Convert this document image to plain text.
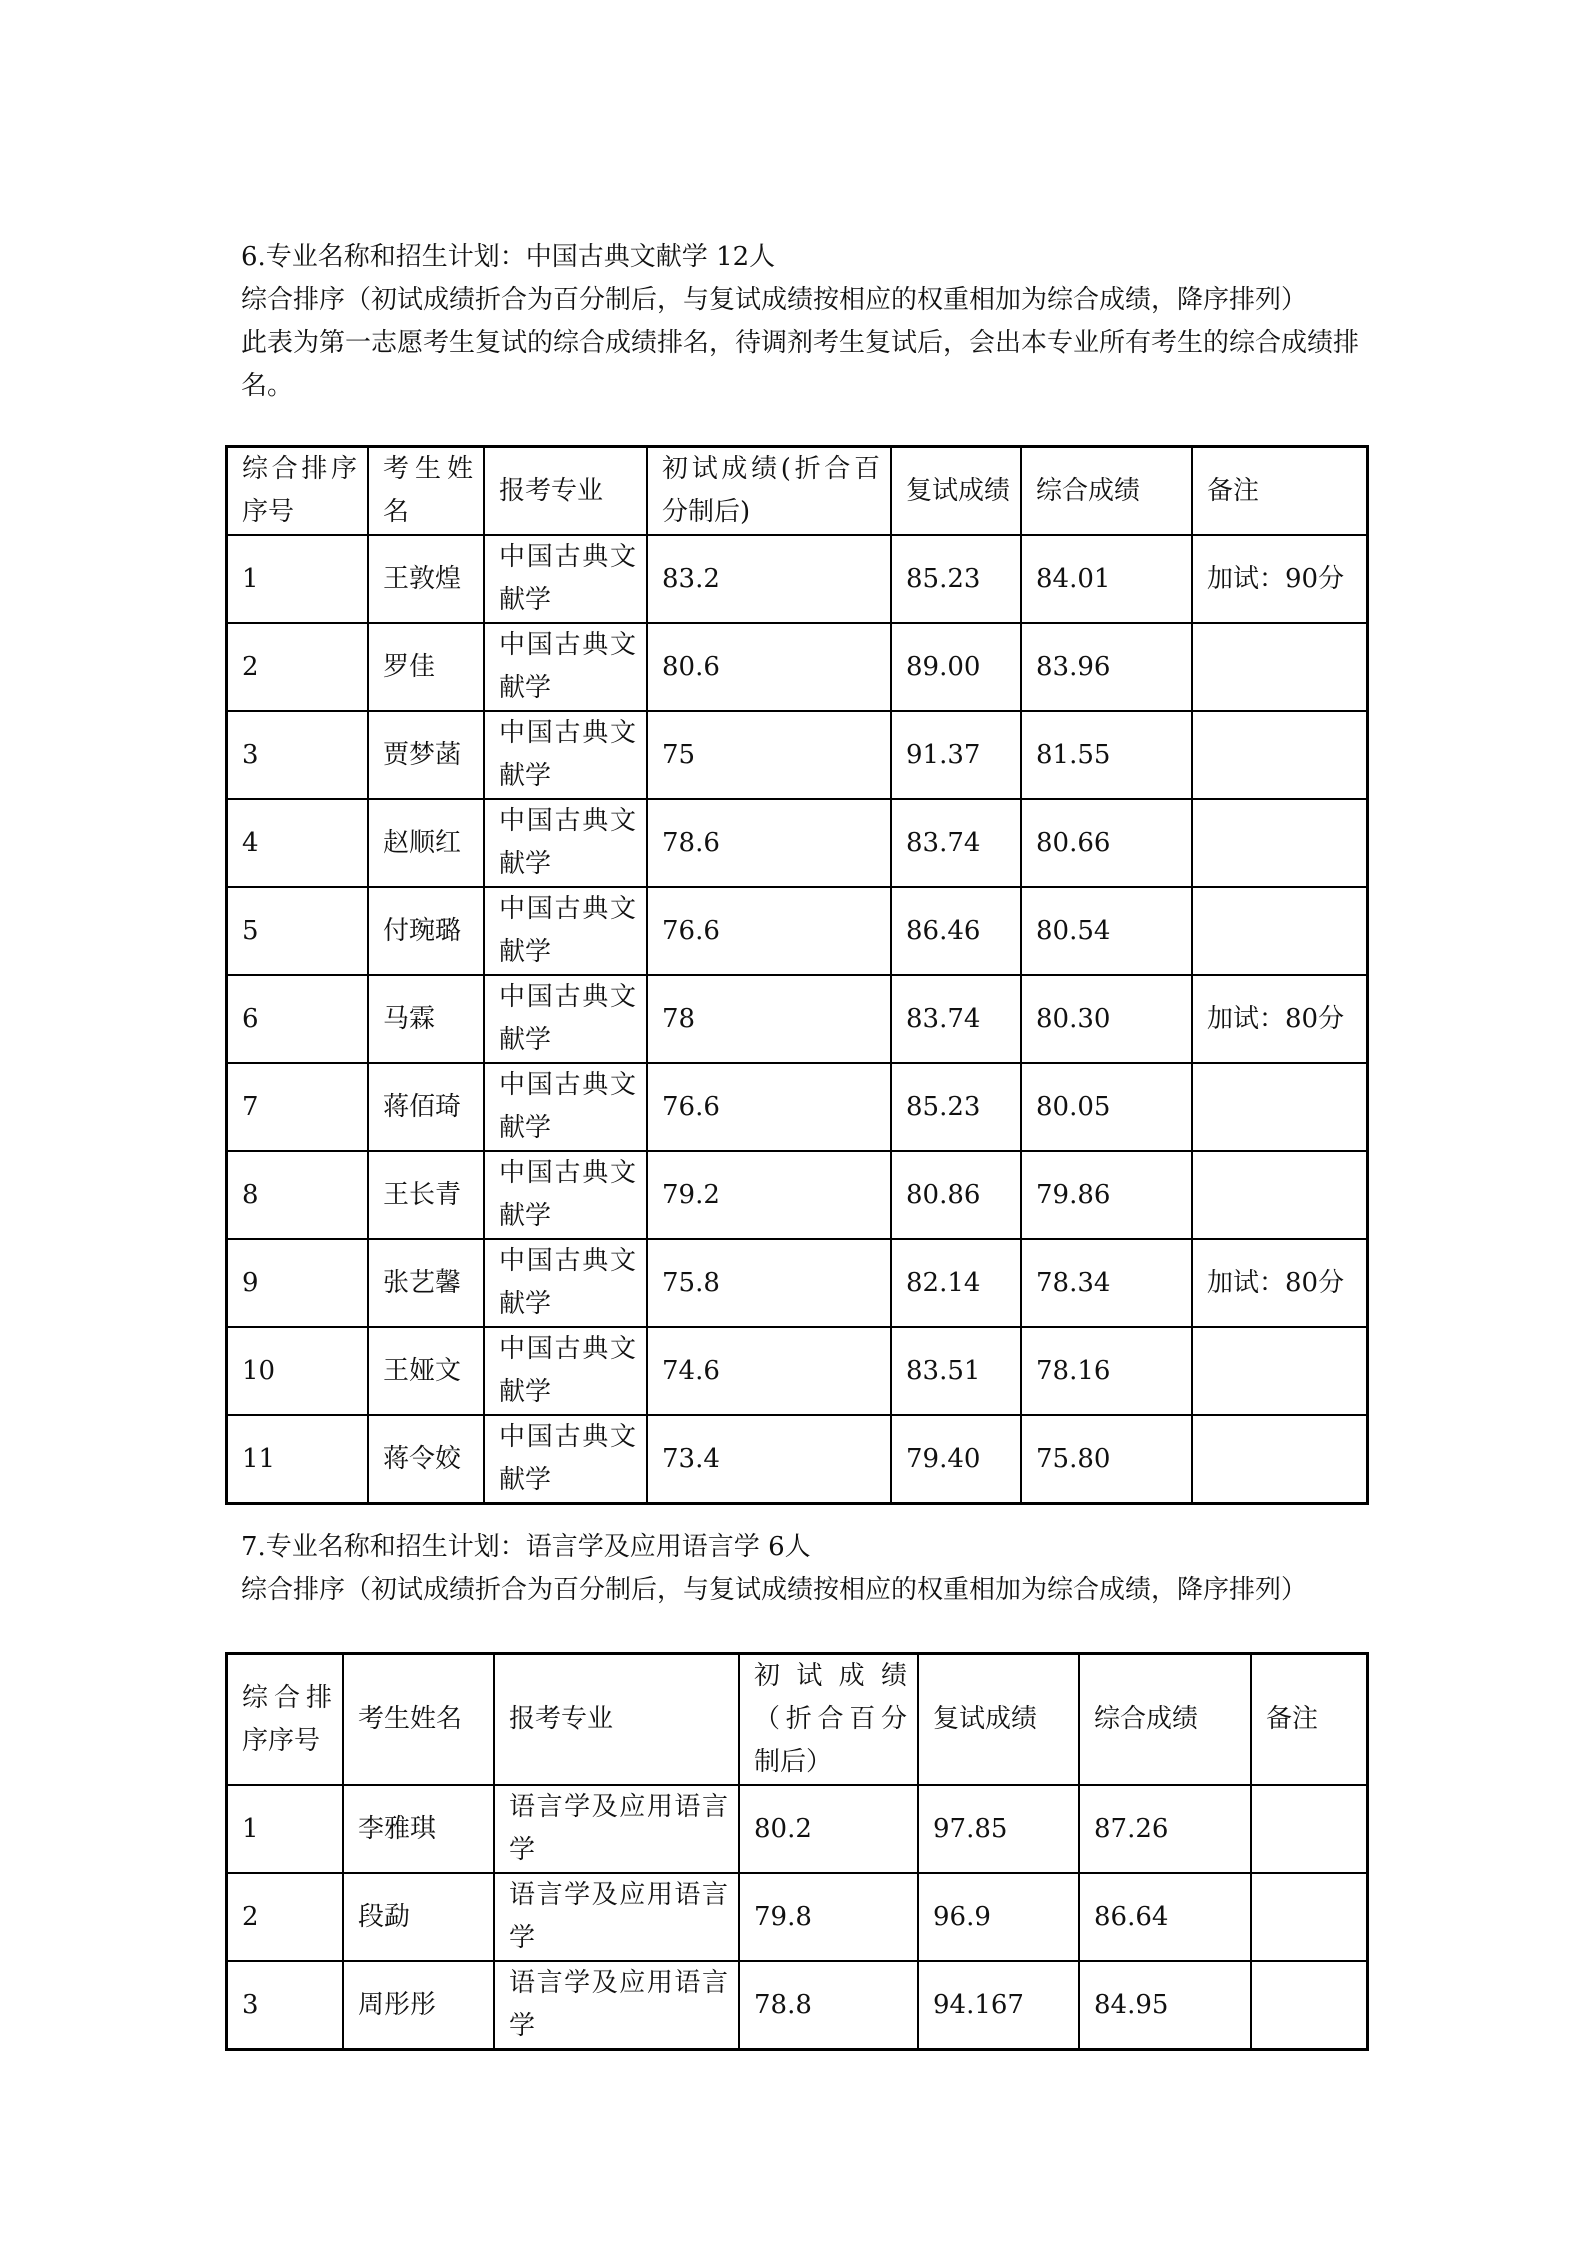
6.专业名称和招生计划：中国古典文献学 12人

综合排序（初试成绩折合为百分制后，与复试成绩按相应的权重相加为综合成绩，降序排列）

此表为第一志愿考生复试的综合成绩排名，待调剂考生复试后，会出本专业所有考生的综合成绩排名。

综合排序序号	考生姓名	报考专业	初试成绩(折合百分制后)	复试成绩	综合成绩	备注

1	王敦煌	中国古典文献学	83.2	85.23	84.01	加试：90分

2	罗佳	中国古典文献学	80.6	89.00	83.96	

3	贾梦菡	中国古典文献学	75	91.37	81.55	

4	赵顺红	中国古典文献学	78.6	83.74	80.66	

5	付琬璐	中国古典文献学	76.6	86.46	80.54	

6	马霖	中国古典文献学	78	83.74	80.30	加试：80分

7	蒋佰琦	中国古典文献学	76.6	85.23	80.05	

8	王长青	中国古典文献学	79.2	80.86	79.86	

9	张艺馨	中国古典文献学	75.8	82.14	78.34	加试：80分

10	王娅文	中国古典文献学	74.6	83.51	78.16	

11	蒋令姣	中国古典文献学	73.4	79.40	75.80	

7.专业名称和招生计划：语言学及应用语言学 6人

综合排序（初试成绩折合为百分制后，与复试成绩按相应的权重相加为综合成绩，降序排列）

综合排序序号	考生姓名	报考专业	初试成绩（折合百分制后）	复试成绩	综合成绩	备注

1	李雅琪	语言学及应用语言学	80.2	97.85	87.26	

2	段勐	语言学及应用语言学	79.8	96.9	86.64	

3	周彤彤	语言学及应用语言学	78.8	94.167	84.95	
